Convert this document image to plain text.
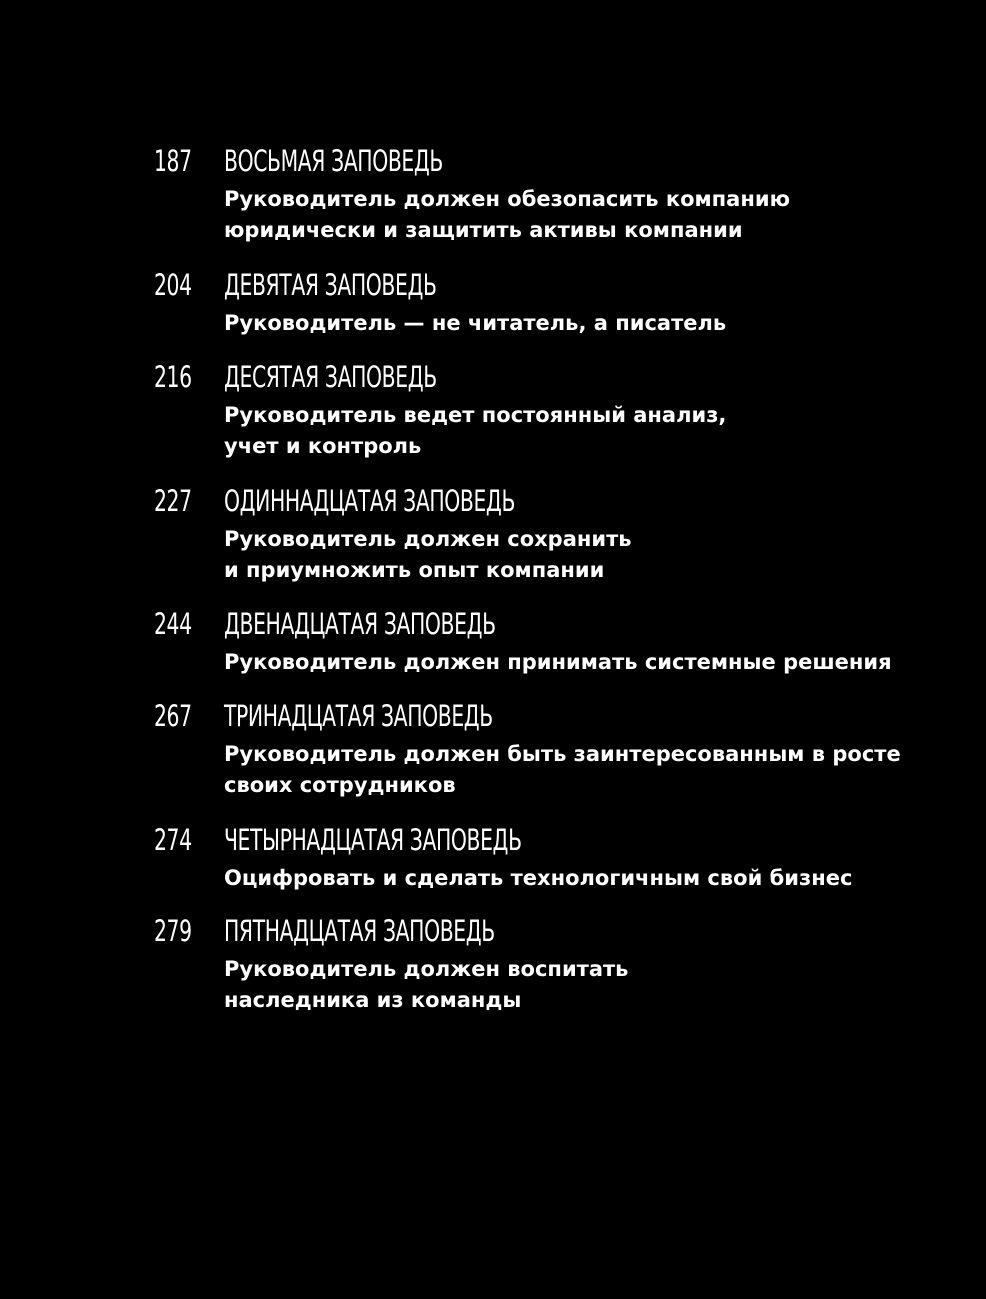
187	ВОСЬМАЯ ЗАПОВЕДЬ
Руководитель должен обезопасить компанию
юридически и защитить активы компании
204	ДЕВЯТАЯ ЗАПОВЕДЬ
Руководитель — не читатель, а писатель
216	ДЕСЯТАЯ ЗАПОВЕДЬ
Руководитель ведет постоянный анализ,
учет и контроль
227	ОДИННАДЦАТАЯ ЗАПОВЕДЬ
Руководитель должен сохранить
и приумножить опыт компании
244	ДВЕНАДЦАТАЯ ЗАПОВЕДЬ
Руководитель должен принимать системные решения
267	ТРИНАДЦАТАЯ ЗАПОВЕДЬ
Руководитель должен быть заинтересованным в росте
своих сотрудников
274	ЧЕТЫРНАДЦАТАЯ ЗАПОВЕДЬ
Оцифровать и сделать технологичным свой бизнес
279	ПЯТНАДЦАТАЯ ЗАПОВЕДЬ
Руководитель должен воспитать
наследника из команды
